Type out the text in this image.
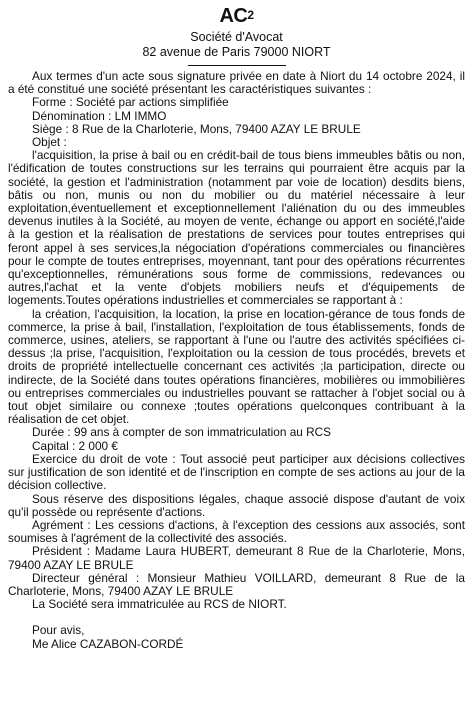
$AC^2$
Société d'Avocat
82 avenue de Paris 79000 NIORT

Aux termes d'un acte sous signature privée en date à Niort du 14 octobre 2024, il a été constitué une société présentant les caractéristiques suivantes :

Forme : Société par actions simplifiée

Dénomination : LM IMMO

Siège : 8 Rue de la Charloterie, Mons, 79400 AZAY LE BRULE

Objet :

l'acquisition, la prise à bail ou en crédit-bail de tous biens immeubles bâtis ou non, l'édification de toutes constructions sur les terrains qui pourraient être acquis par la société, la gestion et l'administration (notamment par voie de location) desdits biens, bâtis ou non, munis ou non du mobilier ou du matériel nécessaire à leur exploitation,éventuellement et exceptionnellement l'aliénation du ou des immeubles devenus inutiles à la Société, au moyen de vente, échange ou apport en société,l'aide à la gestion et la réalisation de prestations de services pour toutes entreprises qui feront appel à ses services,la négociation d'opérations commerciales ou financières pour le compte de toutes entreprises, moyennant, tant pour des opérations récurrentes qu'exceptionnelles, rémunérations sous forme de commissions, redevances ou autres,l'achat et la vente d'objets mobiliers neufs et d'équipements de logements.Toutes opérations industrielles et commerciales se rapportant à :

la création, l'acquisition, la location, la prise en location-gérance de tous fonds de commerce, la prise à bail, l'installation, l'exploitation de tous établissements, fonds de commerce, usines, ateliers, se rapportant à l'une ou l'autre des activités spécifiées ci-dessus ;la prise, l'acquisition, l'exploitation ou la cession de tous procédés, brevets et droits de propriété intellectuelle concernant ces activités ;la participation, directe ou indirecte, de la Société dans toutes opérations financières, mobilières ou immobilières ou entreprises commerciales ou industrielles pouvant se rattacher à l'objet social ou à tout objet similaire ou connexe ;toutes opérations quelconques contribuant à la réalisation de cet objet.

Durée : 99 ans à compter de son immatriculation au RCS

Capital : 2 000 €

Exercice du droit de vote : Tout associé peut participer aux décisions collectives sur justification de son identité et de l'inscription en compte de ses actions au jour de la décision collective.

Sous réserve des dispositions légales, chaque associé dispose d'autant de voix qu'il possède ou représente d'actions.

Agrément : Les cessions d'actions, à l'exception des cessions aux associés, sont soumises à l'agrément de la collectivité des associés.

Président : Madame Laura HUBERT, demeurant 8 Rue de la Charloterie, Mons, 79400 AZAY LE BRULE

Directeur général : Monsieur Mathieu VOILLARD, demeurant 8 Rue de la Charloterie, Mons, 79400 AZAY LE BRULE

La Société sera immatriculée au RCS de NIORT.

Pour avis,

Me Alice CAZABON-CORDÉ
